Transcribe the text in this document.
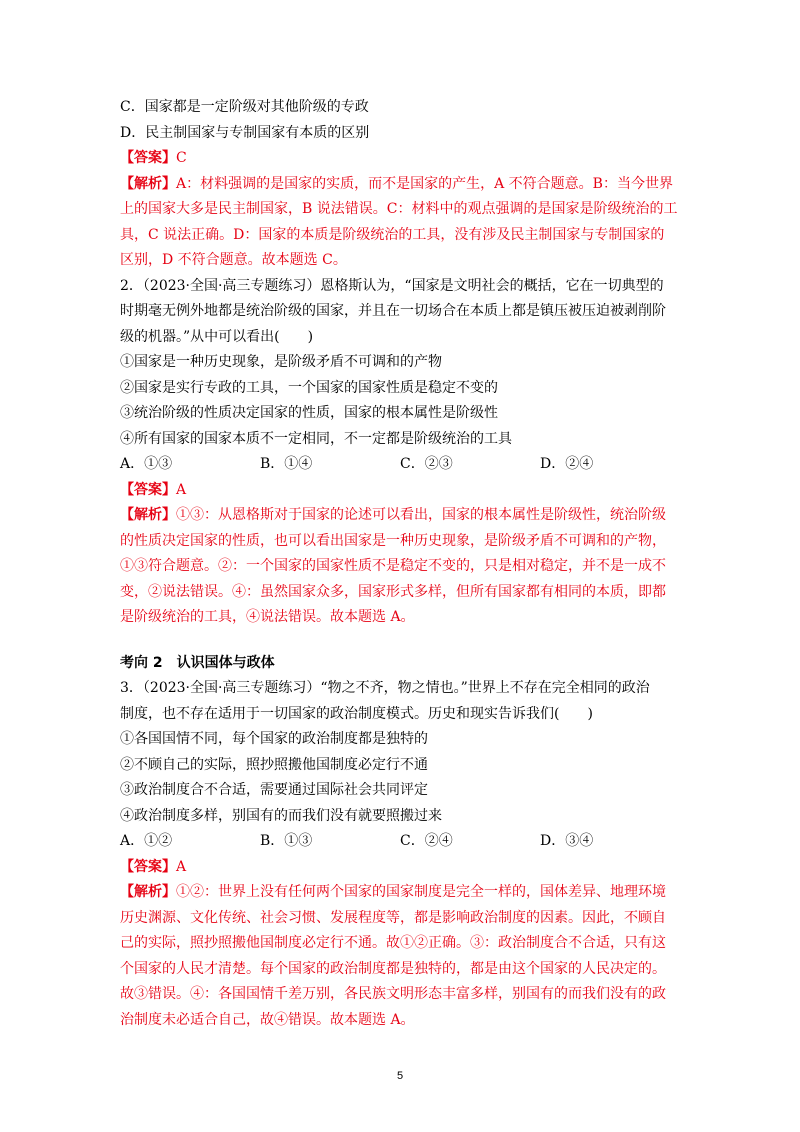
C．国家都是一定阶级对其他阶级的专政
D．民主制国家与专制国家有本质的区别
【答案】C
【解析】A：材料强调的是国家的实质，而不是国家的产生，A 不符合题意。B：当今世界
上的国家大多是民主制国家，B 说法错误。C：材料中的观点强调的是国家是阶级统治的工
具，C 说法正确。D：国家的本质是阶级统治的工具，没有涉及民主制国家与专制国家的
区别，D 不符合题意。故本题选 C。
2．（2023·全国·高三专题练习）恩格斯认为，“国家是文明社会的概括，它在一切典型的
时期毫无例外地都是统治阶级的国家，并且在一切场合在本质上都是镇压被压迫被剥削阶
级的机器。”从中可以看出(　　)
①国家是一种历史现象，是阶级矛盾不可调和的产物
②国家是实行专政的工具，一个国家的国家性质是稳定不变的
③统治阶级的性质决定国家的性质，国家的根本属性是阶级性
④所有国家的国家本质不一定相同，不一定都是阶级统治的工具
A．①③	B．①④	C．②③	D．②④
【答案】A
【解析】①③：从恩格斯对于国家的论述可以看出，国家的根本属性是阶级性，统治阶级
的性质决定国家的性质，也可以看出国家是一种历史现象，是阶级矛盾不可调和的产物，
①③符合题意。②：一个国家的国家性质不是稳定不变的，只是相对稳定，并不是一成不
变，②说法错误。④：虽然国家众多，国家形式多样，但所有国家都有相同的本质，即都
是阶级统治的工具，④说法错误。故本题选 A。
考向 2　认识国体与政体
3．（2023·全国·高三专题练习）“物之不齐，物之情也。”世界上不存在完全相同的政治
制度，也不存在适用于一切国家的政治制度模式。历史和现实告诉我们(　　)
①各国国情不同，每个国家的政治制度都是独特的
②不顾自己的实际，照抄照搬他国制度必定行不通
③政治制度合不合适，需要通过国际社会共同评定
④政治制度多样，别国有的而我们没有就要照搬过来
A．①②	B．①③	C．②④	D．③④
【答案】A
【解析】①②：世界上没有任何两个国家的国家制度是完全一样的，国体差异、地理环境
历史渊源、文化传统、社会习惯、发展程度等，都是影响政治制度的因素。因此，不顾自
己的实际，照抄照搬他国制度必定行不通。故①②正确。③：政治制度合不合适，只有这
个国家的人民才清楚。每个国家的政治制度都是独特的，都是由这个国家的人民决定的。
故③错误。④：各国国情千差万别，各民族文明形态丰富多样，别国有的而我们没有的政
治制度未必适合自己，故④错误。故本题选 A。
5
